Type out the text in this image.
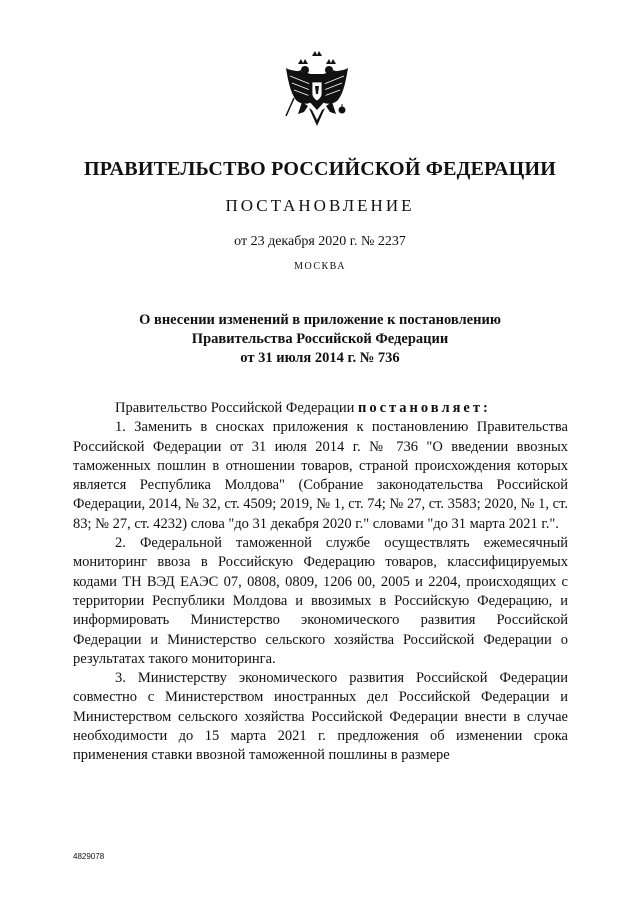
ПРАВИТЕЛЬСТВО РОССИЙСКОЙ ФЕДЕРАЦИИ
ПОСТАНОВЛЕНИЕ
от 23 декабря 2020 г. № 2237
МОСКВА
О внесении изменений в приложение к постановлению
Правительства Российской Федерации
от 31 июля 2014 г. № 736

Правительство Российской Федерации постановляет:

1. Заменить в сносках приложения к постановлению Правительства Российской Федерации от 31 июля 2014 г. № 736 "О введении ввозных таможенных пошлин в отношении товаров, страной происхождения которых является Республика Молдова" (Собрание законодательства Российской Федерации, 2014, № 32, ст. 4509; 2019, № 1, ст. 74; № 27, ст. 3583; 2020, № 1, ст. 83; № 27, ст. 4232) слова "до 31 декабря 2020 г." словами "до 31 марта 2021 г.".

2. Федеральной таможенной службе осуществлять ежемесячный мониторинг ввоза в Российскую Федерацию товаров, классифицируемых кодами ТН ВЭД ЕАЭС 07, 0808, 0809, 1206 00, 2005 и 2204, происходящих с территории Республики Молдова и ввозимых в Российскую Федерацию, и информировать Министерство экономического развития Российской Федерации и Министерство сельского хозяйства Российской Федерации о результатах такого мониторинга.

3. Министерству экономического развития Российской Федерации совместно с Министерством иностранных дел Российской Федерации и Министерством сельского хозяйства Российской Федерации внести в случае необходимости до 15 марта 2021 г. предложения об изменении срока применения ставки ввозной таможенной пошлины в размере

4829078
